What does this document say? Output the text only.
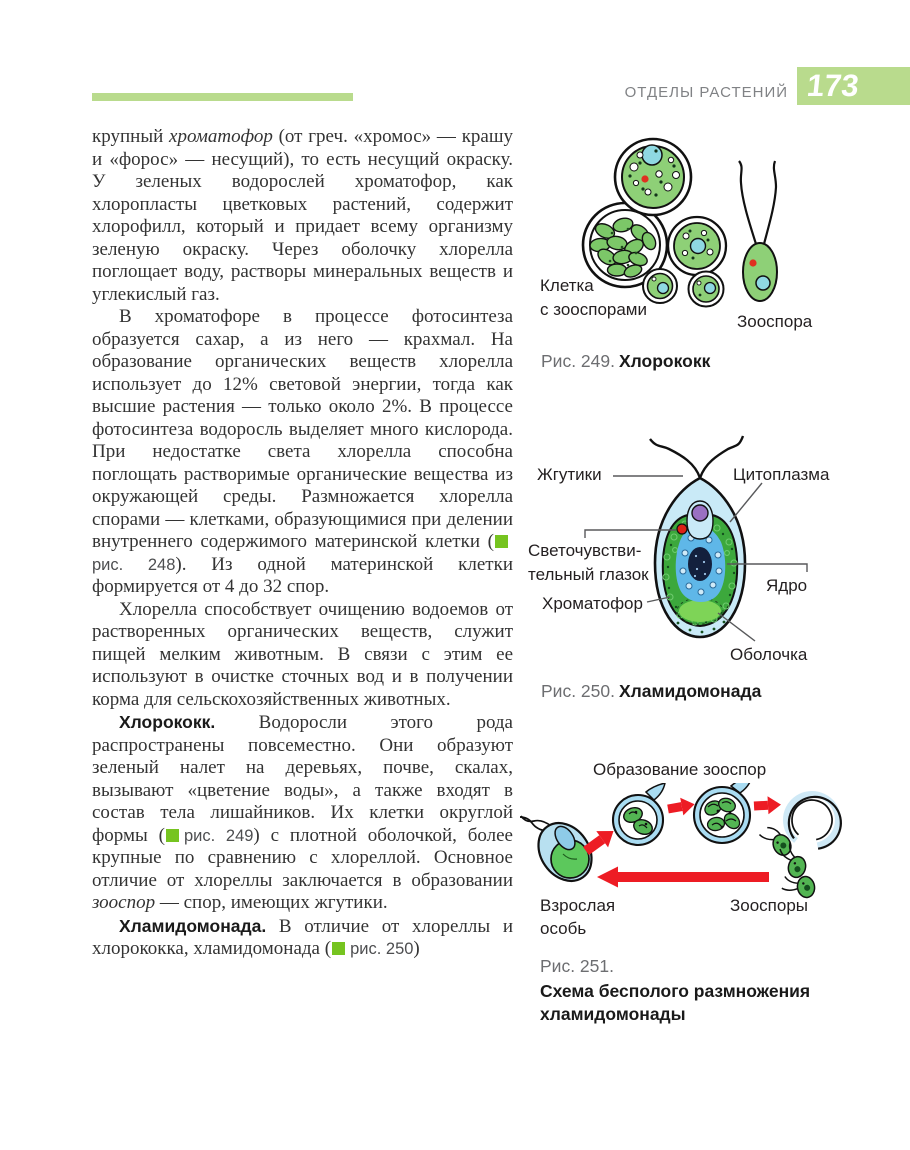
ОТДЕЛЫ РАСТЕНИЙ 173

крупный хроматофор (от греч. «хромос» — крашу и «форос» — несущий), то есть несущий окраску. У зеленых водорослей хроматофор, как хлоропласты цветковых растений, содержит хлорофилл, который и придает всему организму зеленую окраску. Через оболочку хлорелла поглощает воду, растворы минеральных веществ и углекислый газ.

В хроматофоре в процессе фотосинтеза образуется сахар, а из него — крахмал. На образование органических веществ хлорелла использует до 12% световой энергии, тогда как высшие растения — только около 2%. В процессе фотосинтеза водоросль выделяет много кислорода. При недостатке света хлорелла способна поглощать растворимые органические вещества из окружающей среды. Размножается хлорелла спорами — клетками, образующимися при делении внутреннего содержимого материнской клетки (рис. 248). Из одной материнской клетки формируется от 4 до 32 спор.

Хлорелла способствует очищению водоемов от растворенных органических веществ, служит пищей мелким животным. В связи с этим ее используют в очистке сточных вод и в получении корма для сельскохозяйственных животных.

Хлорококк. Водоросли этого рода распространены повсеместно. Они образуют зеленый налет на деревьях, почве, скалах, вызывают «цветение воды», а также входят в состав тела лишайников. Их клетки округлой формы ( рис. 249) с плотной оболочкой, более крупные по сравнению с хлореллой. Основное отличие от хлореллы заключается в образовании зооспор — спор, имеющих жгутики.

Хламидомонада. В отличие от хлореллы и хлорококка, хламидомонада ( рис. 250)

Клетка
с зооспорами
Зооспора
Рис. 249. Хлорококк
Жгутики	Цитоплазма
Светочувстви-
тельный глазок
Ядро
Хроматофор
Оболочка
Рис. 250. Хламидомонада
Образование зооспор
Взрослая
особь
Зооспоры
Рис. 251.
Схема бесполого размножения
хламидомонады
